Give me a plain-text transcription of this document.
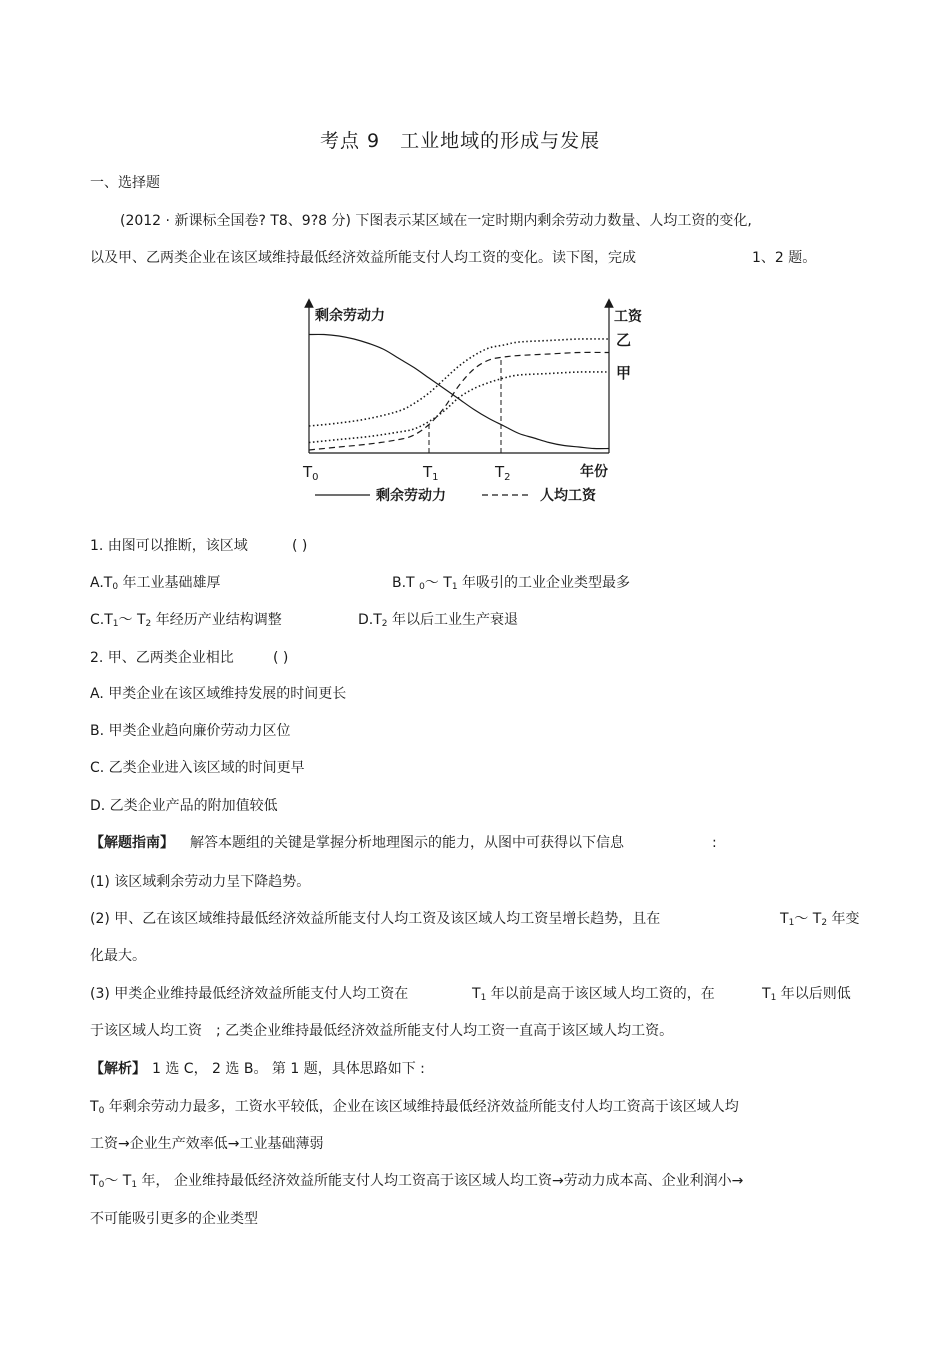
考点 9　工业地域的形成与发展
一、选择题
(2012 · 新课标全国卷? T8、9?8 分) 下图表示某区域在一定时期内剩余劳动力数量、人均工资的变化,
以及甲、乙两类企业在该区域维持最低经济效益所能支付人均工资的变化。读下图，完成	1、2 题。
剩余劳动力	工资
年份
$T_0$	$T_1$	$T_2$
乙
甲
剩余劳动力	人均工资
1. 由图可以推断，该区域	( )
$A.T_0$ 年工业基础雄厚	B.T $_0$～ $T_1$ 年吸引的工业企业类型最多
$C.T_1\sim$ $T_2$ 年经历产业结构调整	$D.T_2$ 年以后工业生产衰退
2. 甲、乙两类企业相比	( )
A. 甲类企业在该区域维持发展的时间更长
B. 甲类企业趋向廉价劳动力区位
C. 乙类企业进入该区域的时间更早
D. 乙类企业产品的附加值较低
【解题指南】 解答本题组的关键是掌握分析地理图示的能力，从图中可获得以下信息	:
(1) 该区域剩余劳动力呈下降趋势。
(2) 甲、乙在该区域维持最低经济效益所能支付人均工资及该区域人均工资呈增长趋势，且在	$T_1\sim$ $T_2$ 年变
化最大。
(3) 甲类企业维持最低经济效益所能支付人均工资在	$T_1$ 年以前是高于该区域人均工资的，在	$T_1$ 年以后则低
于该区域人均工资　; 乙类企业维持最低经济效益所能支付人均工资一直高于该区域人均工资。
【解析】 1 选 C， 2 选 B。 第 1 题，具体思路如下 :
$T_0$ 年剩余劳动力最多，工资水平较低，企业在该区域维持最低经济效益所能支付人均工资高于该区域人均
工资→企业生产效率低→工业基础薄弱
$T_0\sim$ $T_1$ 年， 企业维持最低经济效益所能支付人均工资高于该区域人均工资→劳动力成本高、企业利润小→
不可能吸引更多的企业类型
